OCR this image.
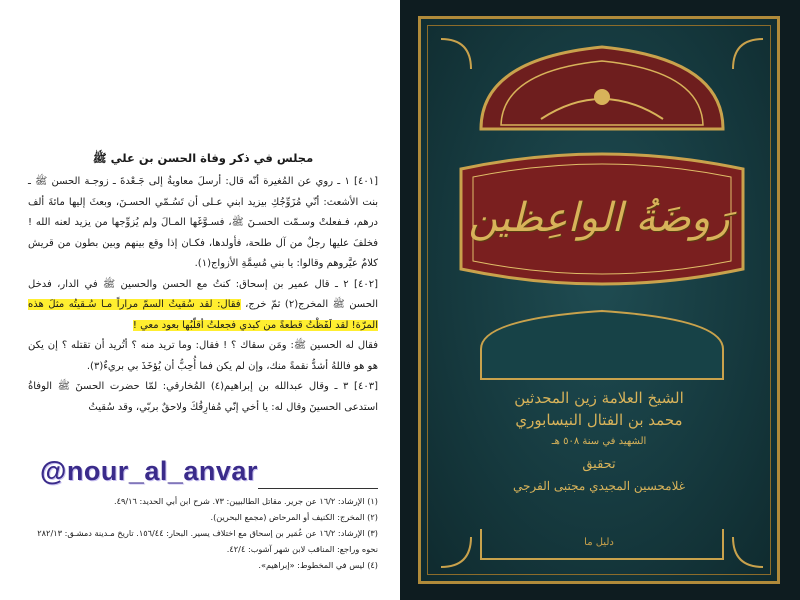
مجلس في ذكر وفاة الحسن بن علي ﷺ

[٤٠١] ١ ـ روي عن المُغيرة أنّه قال: أرسلَ معاويةُ إلى جَـعْدةَ ـ زوجـة الحسن ﷺ ـ بنت الأشعث: أنّي مُزَوِّجُكِ بيزيد ابني عـلى أن تَسُـمّي الحسـنَ، وبعثَ إليها مائةَ ألف درهم، فـفعلتْ وسـمّت الحسـنَ ﷺ، فسـوَّغَها المـالَ ولم يُزوِّجها من يزيد لعنه الله ! فخلفَ عليها رجلٌ من آل طلحة، فأولدها، فكـان إذا وقع بينهم وبين بطون من قريش كلامٌ عيَّروهم وقالوا: يا بني مُسِمَّةِ الأزواج(١).

[٤٠٢] ٢ ـ قال عمير بن إسحاق: كنتُ مع الحسن والحسين ﷺ في الدار، فدخل الحسن ﷺ المخرج(٢) ثمّ خرج، فقال: لقد سُقيتُ السمّ مراراً مـا سُـقيتُه مثلَ هذه المرّة! لقد لَفَظْتُ قطعةً من كبدي فجعلتُ أقلّبُها بعود معي !

فقال له الحسين ﷺ: ومَن سقاك ؟ ! فقال: وما تريد منه ؟ أتُريد أن تقتله ؟ إن يكن هو هو فاللهُ أشدُّ نقمةً منك، وإن لم يكن فما أُحِبُّ أن يُؤخَذَ بي بريءٌ(٣).

[٤٠٣] ٣ ـ وقال عبدالله بن إبراهيم(٤) المُخارقي: لمّا حضرت الحسنَ ﷺ الوفاةُ استدعى الحسينَ وقال له: يا أخي إنّي مُفارِقُكَ ولاحقٌ بربّي، وقد سُقيتُ

@nour_al_anvar

(١) الإرشاد: ١٦/٢ عن جرير. مقاتل الطالبيين: ٧٣. شرح ابن أبي الحديد: ٤٩/١٦.

(٢) المخرج: الكنيف أو المرحاض (مجمع البحرين).

(٣) الإرشاد: ١٦/٢ عن عُمَير بن إسحاق مع اختلاف يسير. البحار: ١٥٦/٤٤. تاريخ مـدينة دمشـق: ٢٨٢/١٣ نحوه وراجع: المناقب لابن شهر آشوب: ٤٢/٤.

(٤) ليس في المخطوط: «إبراهيم».

رَوضَةُ الواعِظين
الشيخ العلامة زين المحدثين
محمد بن الفتال النيسابوري
الشهيد في سنة ٥٠٨ هـ
تحقيق
غلامحسين المجيدي مجتبى الفرجي
دليل ما
